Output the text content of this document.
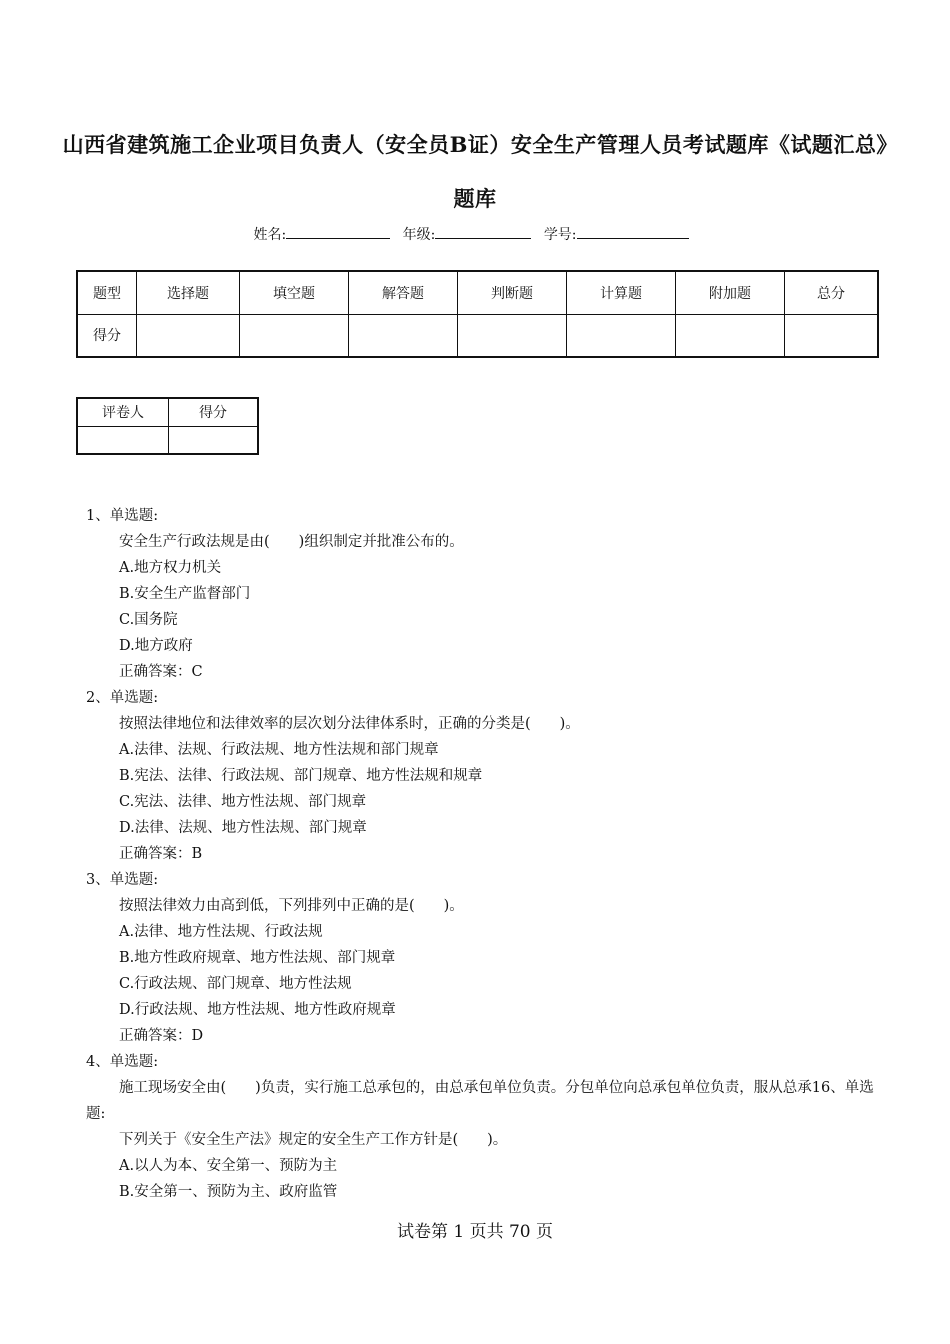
山西省建筑施工企业项目负责人（安全员B证）安全生产管理人员考试题库《试题汇总》题库
姓名:	年级:	学号:
题型	选择题	填空题	解答题	判断题	计算题	附加题	总分
得分							
评卷人	得分

1、单选题:

安全生产行政法规是由(　　)组织制定并批准公布的。

A.地方权力机关

B.安全生产监督部门

C.国务院

D.地方政府

正确答案：C

2、单选题:

按照法律地位和法律效率的层次划分法律体系时，正确的分类是(　　)。

A.法律、法规、行政法规、地方性法规和部门规章

B.宪法、法律、行政法规、部门规章、地方性法规和规章

C.宪法、法律、地方性法规、部门规章

D.法律、法规、地方性法规、部门规章

正确答案：B

3、单选题:

按照法律效力由高到低，下列排列中正确的是(　　)。

A.法律、地方性法规、行政法规

B.地方性政府规章、地方性法规、部门规章

C.行政法规、部门规章、地方性法规

D.行政法规、地方性法规、地方性政府规章

正确答案：D

4、单选题:

施工现场安全由(　　)负责，实行施工总承包的，由总承包单位负责。分包单位向总承包单位负责，服从总承16、单选题:

下列关于《安全生产法》规定的安全生产工作方针是(　　)。

A.以人为本、安全第一、预防为主

B.安全第一、预防为主、政府监管

试卷第 1 页共 70 页
